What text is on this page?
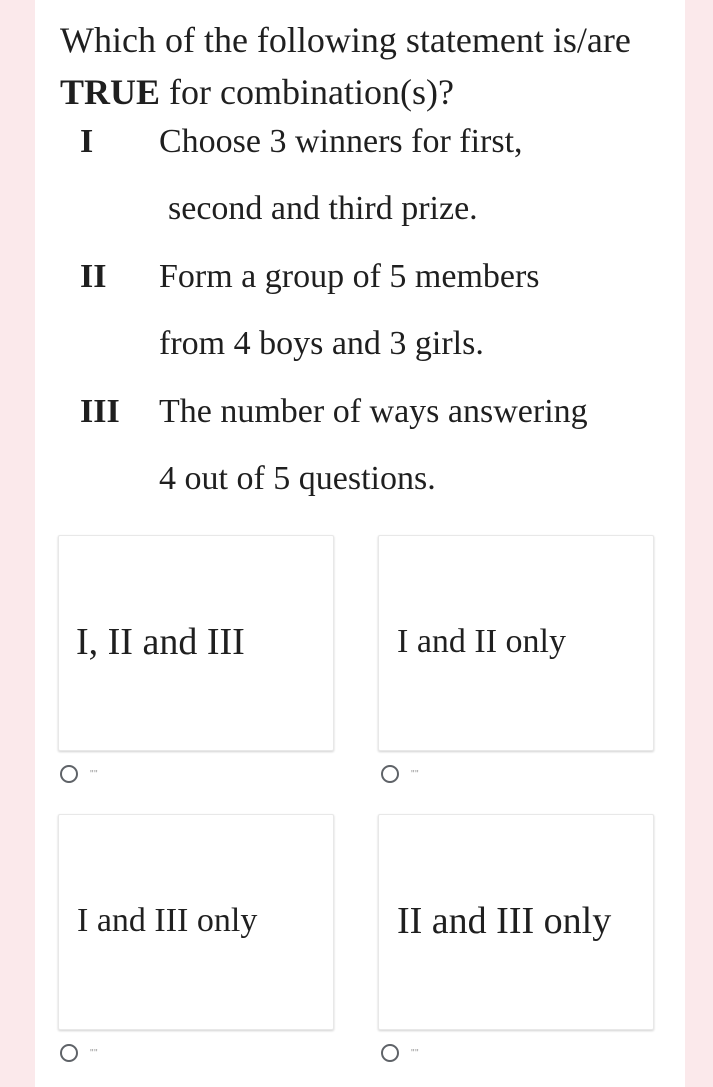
Which of the following statement is/are TRUE for combination(s)?

I Choose 3 winners for first,
second and third prize.
II Form a group of 5 members
from 4 boys and 3 girls.
III The number of ways answering
4 out of 5 questions.
I, II and III
""
I and II only
""
I and III only
""
II and III only
""
